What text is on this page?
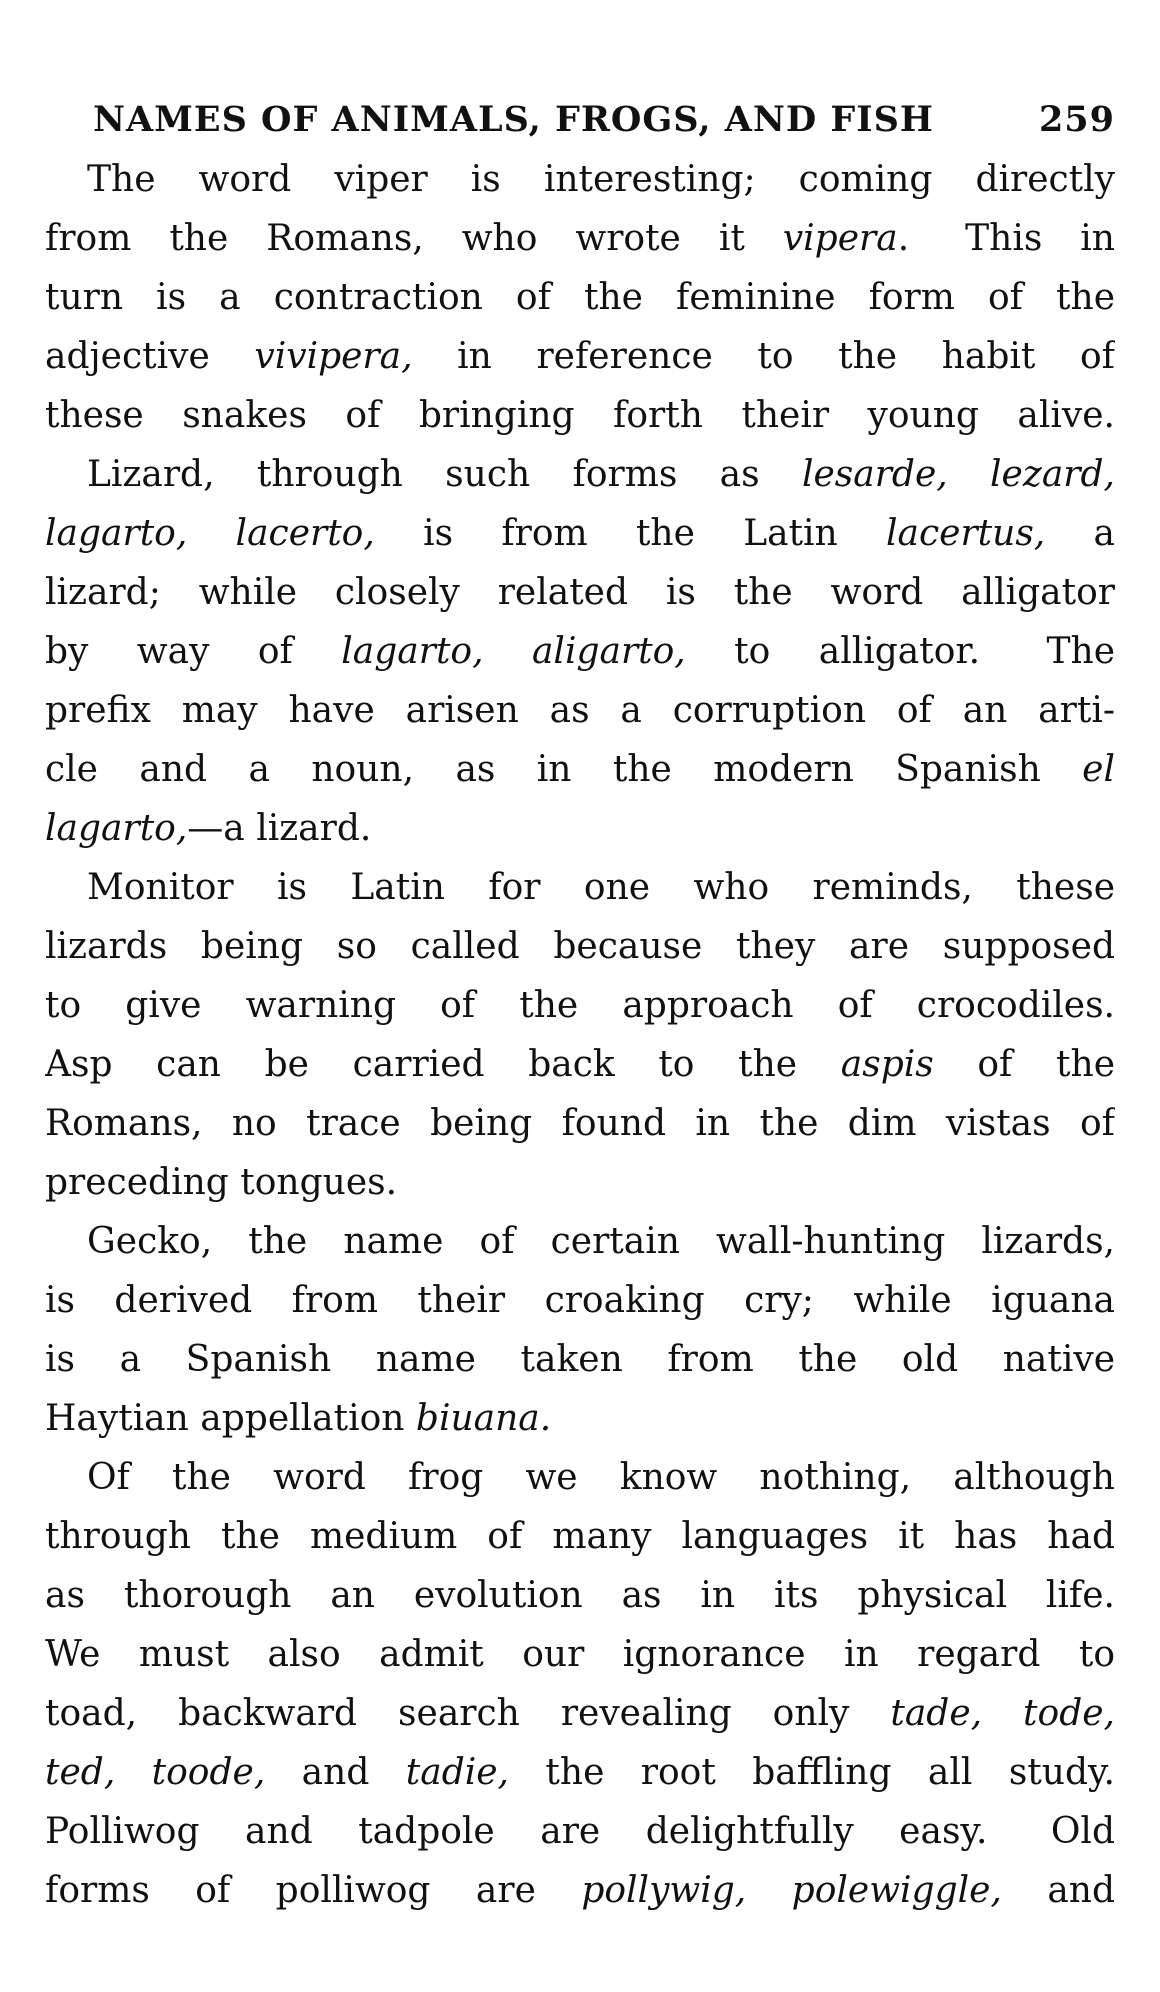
NAMES OF ANIMALS, FROGS, AND FISH	259
The word viper is interesting; coming directly
from the Romans, who wrote it vipera.  This in
turn is a contraction of the feminine form of the
adjective vivipera, in reference to the habit of
these snakes of bringing forth their young alive.
Lizard, through such forms as lesarde, lezard,
lagarto, lacerto, is from the Latin lacertus, a
lizard; while closely related is the word alligator
by way of lagarto, aligarto, to alligator.  The
prefix may have arisen as a corruption of an arti-
cle and a noun, as in the modern Spanish el
lagarto,—a lizard.
Monitor is Latin for one who reminds, these
lizards being so called because they are supposed
to give warning of the approach of crocodiles.
Asp can be carried back to the aspis of the
Romans, no trace being found in the dim vistas of
preceding tongues.
Gecko, the name of certain wall-hunting lizards,
is derived from their croaking cry; while iguana
is a Spanish name taken from the old native
Haytian appellation biuana.
Of the word frog we know nothing, although
through the medium of many languages it has had
as thorough an evolution as in its physical life.
We must also admit our ignorance in regard to
toad, backward search revealing only tade, tode,
ted, toode, and tadie, the root baffling all study.
Polliwog and tadpole are delightfully easy.  Old
forms of polliwog are pollywig, polewiggle, and
